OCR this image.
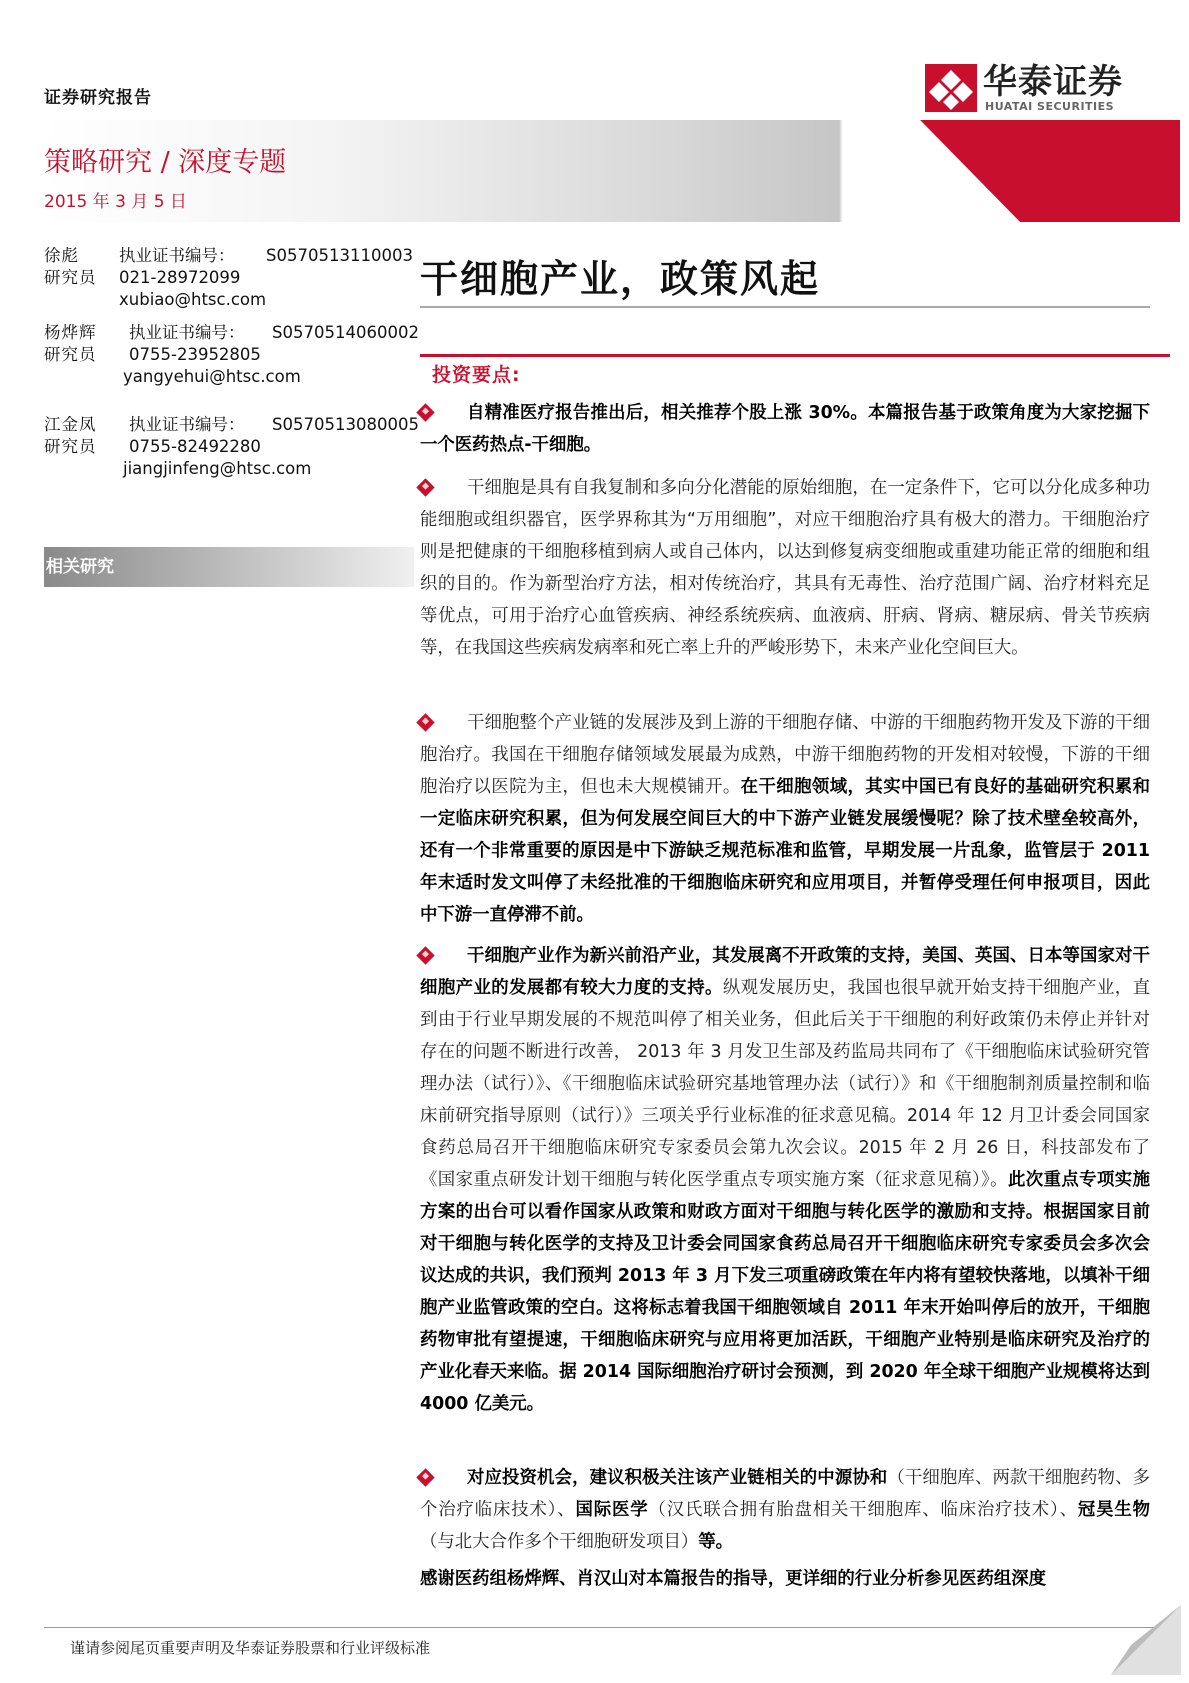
证券研究报告	华泰证券
HUATAI SECURITIES
策略研究 / 深度专题
2015 年 3 月 5 日
徐彪
研究员
执业证书编号： S0570513110003
021-28972099
xubiao@htsc.com
杨烨辉
研究员
执业证书编号： S0570514060002
0755-23952805
yangyehui@htsc.com
江金凤
研究员
执业证书编号： S0570513080005
0755-82492280
jiangjinfeng@htsc.com
相关研究
干细胞产业，政策风起
投资要点:

自精准医疗报告推出后，相关推荐个股上涨 30%。本篇报告基于政策角度为大家挖掘下一个医药热点-干细胞。

干细胞是具有自我复制和多向分化潜能的原始细胞，在一定条件下，它可以分化成多种功能细胞或组织器官，医学界称其为“万用细胞”，对应干细胞治疗具有极大的潜力。干细胞治疗则是把健康的干细胞移植到病人或自己体内，以达到修复病变细胞或重建功能正常的细胞和组织的目的。作为新型治疗方法，相对传统治疗，其具有无毒性、治疗范围广阔、治疗材料充足等优点，可用于治疗心血管疾病、神经系统疾病、血液病、肝病、肾病、糖尿病、骨关节疾病等，在我国这些疾病发病率和死亡率上升的严峻形势下，未来产业化空间巨大。

干细胞整个产业链的发展涉及到上游的干细胞存储、中游的干细胞药物开发及下游的干细胞治疗。我国在干细胞存储领域发展最为成熟，中游干细胞药物的开发相对较慢，下游的干细胞治疗以医院为主，但也未大规模铺开。在干细胞领域，其实中国已有良好的基础研究积累和一定临床研究积累，但为何发展空间巨大的中下游产业链发展缓慢呢？除了技术壁垒较高外，还有一个非常重要的原因是中下游缺乏规范标准和监管，早期发展一片乱象，监管层于 2011 年末适时发文叫停了未经批准的干细胞临床研究和应用项目，并暂停受理任何申报项目，因此中下游一直停滞不前。

干细胞产业作为新兴前沿产业，其发展离不开政策的支持，美国、英国、日本等国家对干细胞产业的发展都有较大力度的支持。纵观发展历史，我国也很早就开始支持干细胞产业，直到由于行业早期发展的不规范叫停了相关业务，但此后关于干细胞的利好政策仍未停止并针对存在的问题不断进行改善， 2013 年 3 月发卫生部及药监局共同布了《干细胞临床试验研究管理办法（试行）》、《干细胞临床试验研究基地管理办法（试行）》和《干细胞制剂质量控制和临床前研究指导原则（试行）》三项关乎行业标准的征求意见稿。2014 年 12 月卫计委会同国家食药总局召开干细胞临床研究专家委员会第九次会议。2015 年 2 月 26 日，科技部发布了《国家重点研发计划干细胞与转化医学重点专项实施方案（征求意见稿）》。此次重点专项实施方案的出台可以看作国家从政策和财政方面对干细胞与转化医学的激励和支持。根据国家目前对干细胞与转化医学的支持及卫计委会同国家食药总局召开干细胞临床研究专家委员会多次会议达成的共识，我们预判 2013 年 3 月下发三项重磅政策在年内将有望较快落地，以填补干细胞产业监管政策的空白。这将标志着我国干细胞领域自 2011 年末开始叫停后的放开，干细胞药物审批有望提速，干细胞临床研究与应用将更加活跃，干细胞产业特别是临床研究及治疗的产业化春天来临。据 2014 国际细胞治疗研讨会预测，到 2020 年全球干细胞产业规模将达到 4000 亿美元。

对应投资机会，建议积极关注该产业链相关的中源协和（干细胞库、两款干细胞药物、多个治疗临床技术）、国际医学（汉氏联合拥有胎盘相关干细胞库、临床治疗技术）、冠昊生物（与北大合作多个干细胞研发项目）等。

感谢医药组杨烨辉、肖汉山对本篇报告的指导，更详细的行业分析参见医药组深度

谨请参阅尾页重要声明及华泰证券股票和行业评级标准
